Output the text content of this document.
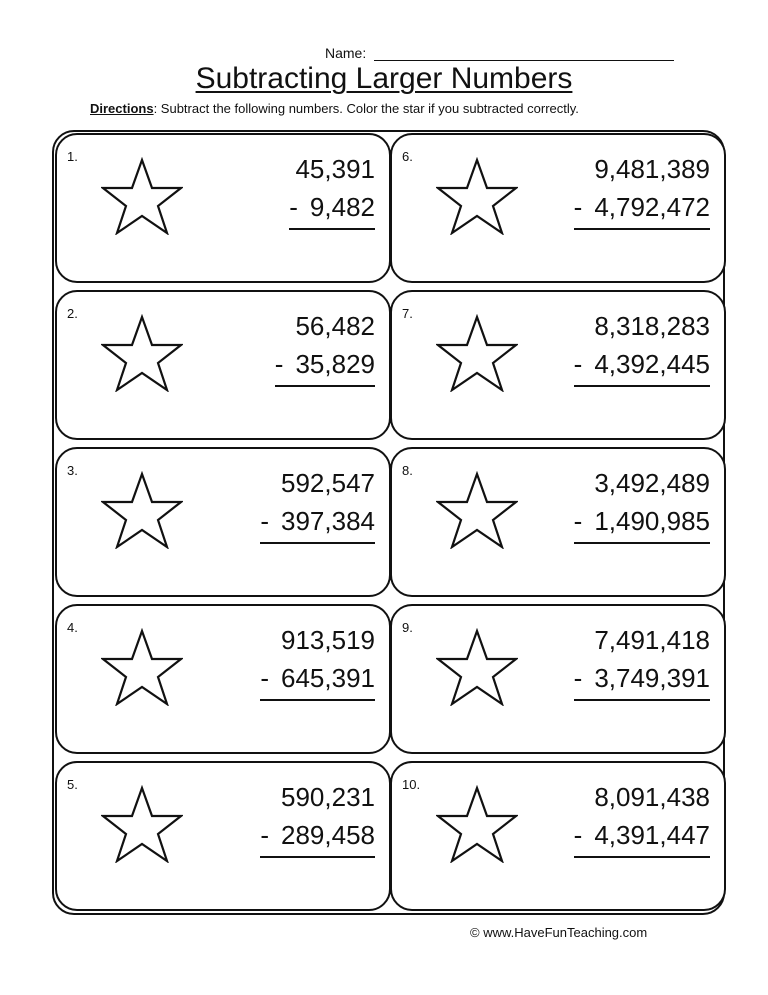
Name:
Subtracting Larger Numbers
Directions: Subtract the following numbers. Color the star if you subtracted correctly.
1.	45,391
- 9,482
2.	56,482
- 35,829
3.	592,547
- 397,384
4.	913,519
- 645,391
5.	590,231
- 289,458
6.	9,481,389
- 4,792,472
7.	8,318,283
- 4,392,445
8.	3,492,489
- 1,490,985
9.	7,491,418
- 3,749,391
10.	8,091,438
- 4,391,447
© www.HaveFunTeaching.com
